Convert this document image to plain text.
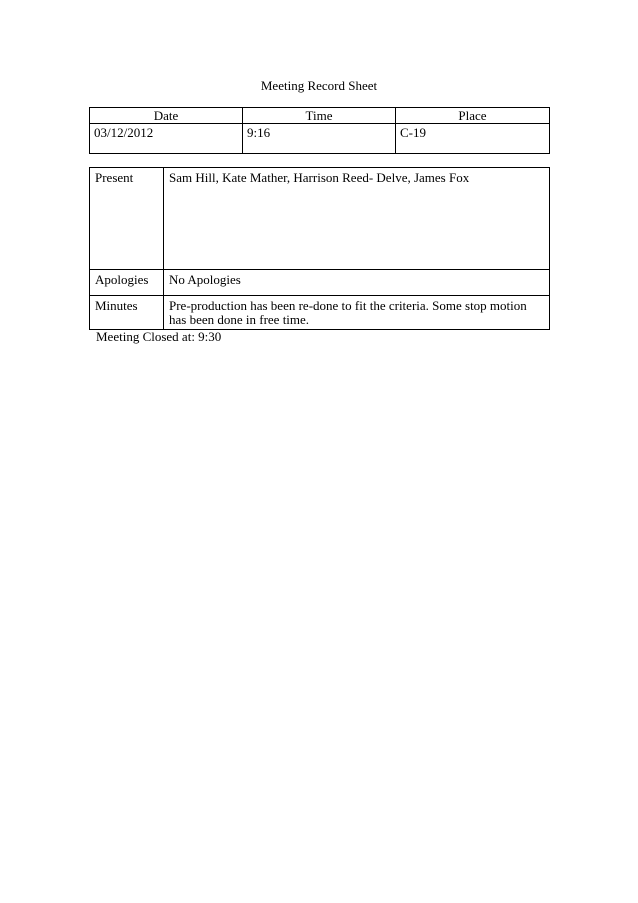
Meeting Record Sheet
Date	Time	Place
03/12/2012	9:16	C-19
Present	Sam Hill, Kate Mather, Harrison Reed- Delve, James Fox
Apologies	No Apologies
Minutes	Pre-production has been re-done to fit the criteria. Some stop motion has been done in free time.
Meeting Closed at: 9:30
